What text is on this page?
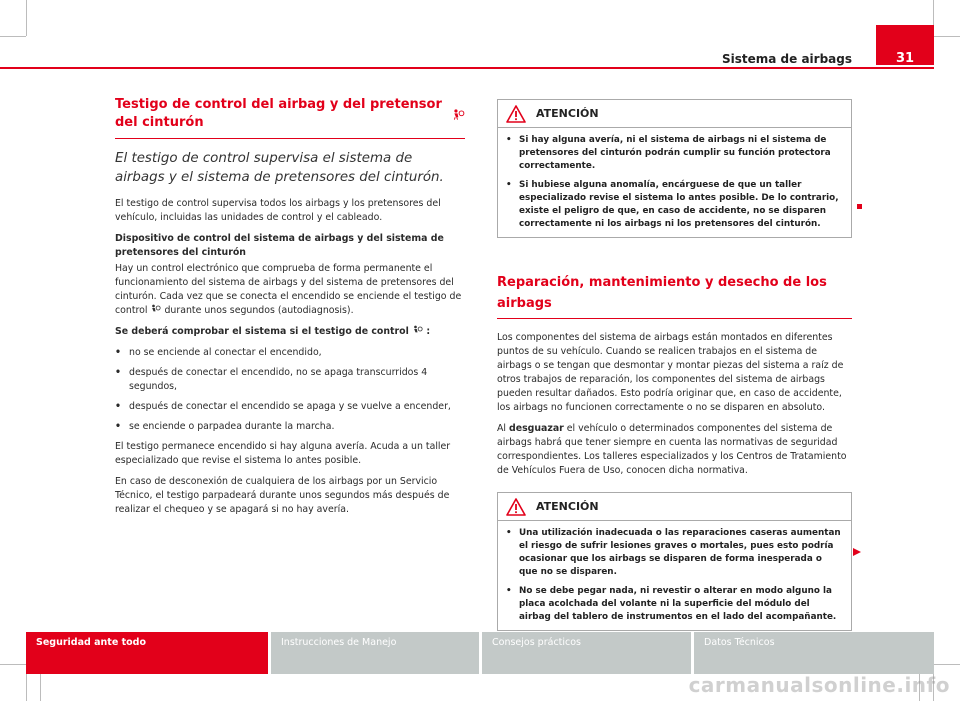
Sistema de airbags	31
Testigo de control del airbag y del pretensor del cinturón

El testigo de control supervisa el sistema de airbags y el sistema de pretensores del cinturón.

El testigo de control supervisa todos los airbags y los pretensores del vehículo, incluidas las unidades de control y el cableado.

Dispositivo de control del sistema de airbags y del sistema de pretensores del cinturón

Hay un control electrónico que comprueba de forma permanente el funcionamiento del sistema de airbags y del sistema de pretensores del cinturón. Cada vez que se conecta el encendido se enciende el testigo de control durante unos segundos (autodiagnosis).

Se deberá comprobar el sistema si el testigo de control :

• no se enciende al conectar el encendido,
• después de conectar el encendido, no se apaga transcurridos 4 segundos,
• después de conectar el encendido se apaga y se vuelve a encender,
• se enciende o parpadea durante la marcha.

El testigo permanece encendido si hay alguna avería. Acuda a un taller especializado que revise el sistema lo antes posible.

En caso de desconexión de cualquiera de los airbags por un Servicio Técnico, el testigo parpadeará durante unos segundos más después de realizar el chequeo y se apagará si no hay avería.

ATENCIÓN
• Si hay alguna avería, ni el sistema de airbags ni el sistema de pretensores del cinturón podrán cumplir su función protectora correctamente.
• Si hubiese alguna anomalía, encárguese de que un taller especializado revise el sistema lo antes posible. De lo contrario, existe el peligro de que, en caso de accidente, no se disparen correctamente ni los airbags ni los pretensores del cinturón.
Reparación, mantenimiento y desecho de los airbags

Los componentes del sistema de airbags están montados en diferentes puntos de su vehículo. Cuando se realicen trabajos en el sistema de airbags o se tengan que desmontar y montar piezas del sistema a raíz de otros trabajos de reparación, los componentes del sistema de airbags pueden resultar dañados. Esto podría originar que, en caso de accidente, los airbags no funcionen correctamente o no se disparen en absoluto.

Al desguazar el vehículo o determinados componentes del sistema de airbags habrá que tener siempre en cuenta las normativas de seguridad correspondientes. Los talleres especializados y los Centros de Tratamiento de Vehículos Fuera de Uso, conocen dicha normativa.

ATENCIÓN
• Una utilización inadecuada o las reparaciones caseras aumentan el riesgo de sufrir lesiones graves o mortales, pues esto podría ocasionar que los airbags se disparen de forma inesperada o que no se disparen.
• No se debe pegar nada, ni revestir o alterar en modo alguno la placa acolchada del volante ni la superficie del módulo del airbag del tablero de instrumentos en el lado del acompañante.
Seguridad ante todo	Instrucciones de Manejo	Consejos prácticos	Datos Técnicos
carmanualsonline.info
